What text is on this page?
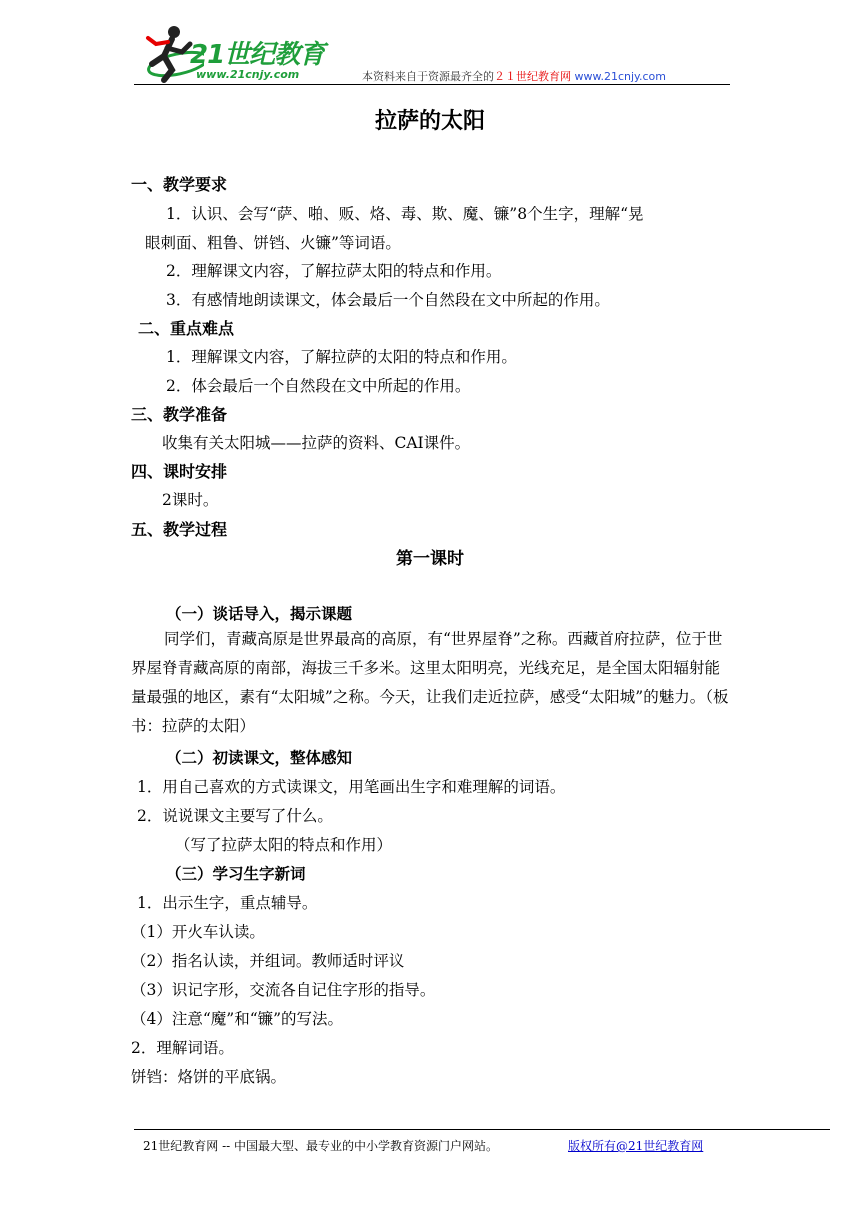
21世纪教育
www.21cnjy.com	本资料来自于资源最齐全的２１世纪教育网 www.21cnjy.com
拉萨的太阳
一、教学要求
1．认识、会写“萨、啪、贩、烙、毒、欺、魔、镰”8个生字，理解“晃
眼刺面、粗鲁、饼铛、火镰”等词语。
2．理解课文内容，了解拉萨太阳的特点和作用。
3．有感情地朗读课文，体会最后一个自然段在文中所起的作用。
二、重点难点
1．理解课文内容，了解拉萨的太阳的特点和作用。
2．体会最后一个自然段在文中所起的作用。
三、教学准备
收集有关太阳城——拉萨的资料、CAI课件。
四、课时安排
2课时。
五、教学过程
第一课时
（一）谈话导入，揭示课题
同学们，青藏高原是世界最高的高原，有“世界屋脊”之称。西藏首府拉萨，位于世界屋脊青藏高原的南部，海拔三千多米。这里太阳明亮，光线充足，是全国太阳辐射能量最强的地区，素有“太阳城”之称。今天，让我们走近拉萨，感受“太阳城”的魅力。（板书：拉萨的太阳）
（二）初读课文，整体感知
1．用自己喜欢的方式读课文，用笔画出生字和难理解的词语。
2．说说课文主要写了什么。
（写了拉萨太阳的特点和作用）
（三）学习生字新词
1．出示生字，重点辅导。
（1）开火车认读。
（2）指名认读，并组词。教师适时评议
（3）识记字形，交流各自记住字形的指导。
（4）注意“魔”和“镰”的写法。
2．理解词语。
饼铛：烙饼的平底锅。
21世纪教育网 -- 中国最大型、最专业的中小学教育资源门户网站。	版权所有@21世纪教育网
